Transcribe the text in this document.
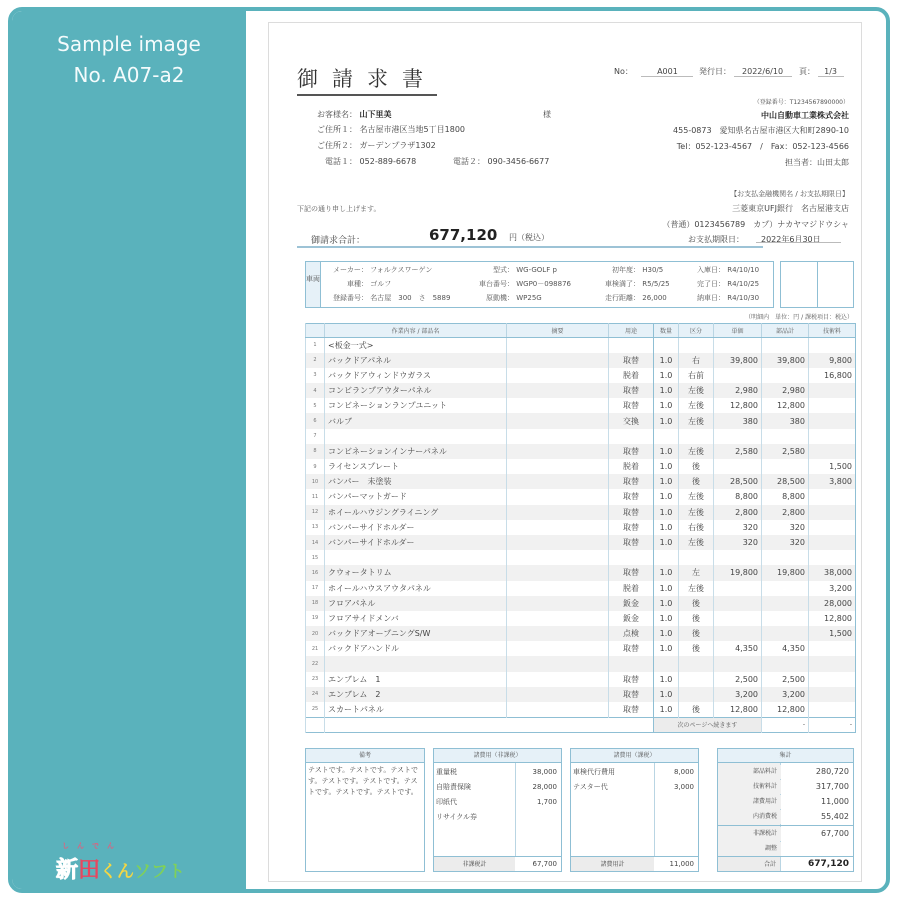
Sample image
No. A07-a2
しんでん
新田くんソフト
御請求書	No：	A001	発行日： 2022/6/10	頁： 1/3
お客様名： 山下里美	様
ご住所１： 名古屋市港区当地5丁目1800
ご住所２： ガーデンプラザ1302
電話１： 052-889-6678	電話２： 090-3456-6677
（登録番号：T1234567890000）
中山自動車工業株式会社
455-0873　愛知県名古屋市港区大和町2890-10
Tel：052-123-4567　/　Fax：052-123-4566
担当者：山田太郎
【お支払金融機関名 / お支払期限日】
三菱東京UFJ銀行　名古屋港支店
（普通）0123456789　カプ）ナカヤマジドウシャ
お支払期限日： 2022年6月30日
下記の通り申し上げます。
御請求合計：	677,120 円（税込）
車両
メーカー： フォルクスワーゲン
車種： ゴルフ
登録番号： 名古屋　300　さ　5889
型式： WG-GOLF p
車台番号： WGP0－098876
原動機： WP25G
初年度： H30/5
車検満了： R5/5/25
走行距離： 26,000
入庫日： R4/10/10
完了日： R4/10/25
納車日： R4/10/30
（明細内　単位：円 / 課税項目：税込）
	作業内容 / 部品名	摘要	用途	数量	区分	単価	部品計	技術料
1	<板金一式>							
2	バックドアパネル		取替	1.0	右	39,800	39,800	9,800
3	バックドアウィンドウガラス		脱着	1.0	右前			16,800
4	コンビランプアウターパネル		取替	1.0	左後	2,980	2,980	
5	コンビネーションランプユニット		取替	1.0	左後	12,800	12,800	
6	バルブ		交換	1.0	左後	380	380	
7								
8	コンビネーションインナーパネル		取替	1.0	左後	2,580	2,580	
9	ライセンスプレート		脱着	1.0	後			1,500
10	バンパー　未塗装		取替	1.0	後	28,500	28,500	3,800
11	バンパーマットガード		取替	1.0	左後	8,800	8,800	
12	ホイールハウジングライニング		取替	1.0	左後	2,800	2,800	
13	バンパーサイドホルダー		取替	1.0	右後	320	320	
14	バンパーサイドホルダー		取替	1.0	左後	320	320	
15								
16	クウォータトリム		取替	1.0	左	19,800	19,800	38,000
17	ホイールハウスアウタパネル		脱着	1.0	左後			3,200
18	フロアパネル		鈑金	1.0	後			28,000
19	フロアサイドメンバ		鈑金	1.0	後			12,800
20	バックドアオープニングS/W		点検	1.0	後			1,500
21	バックドアハンドル		取替	1.0	後	4,350	4,350	
22								
23	エンブレム　1		取替	1.0		2,500	2,500	
24	エンブレム　2		取替	1.0		3,200	3,200	
25	スカートパネル		取替	1.0	後	12,800	12,800	
				次のページへ続きます			-	-
備考
テストです。テストです。テストです。テストです。テストです。テストです。テストです。テストです。
諸費用（非課税）
重量税	38,000
自賠責保険	28,000
印紙代	1,700
リサイクル券
非課税計	67,700
諸費用（課税）
車検代行費用	8,000
テスター代	3,000
諸費用計	11,000
集計
部品料計	280,720
技術料計	317,700
諸費用計	11,000
内消費税	55,402
非課税計	67,700
調整
合計	677,120
